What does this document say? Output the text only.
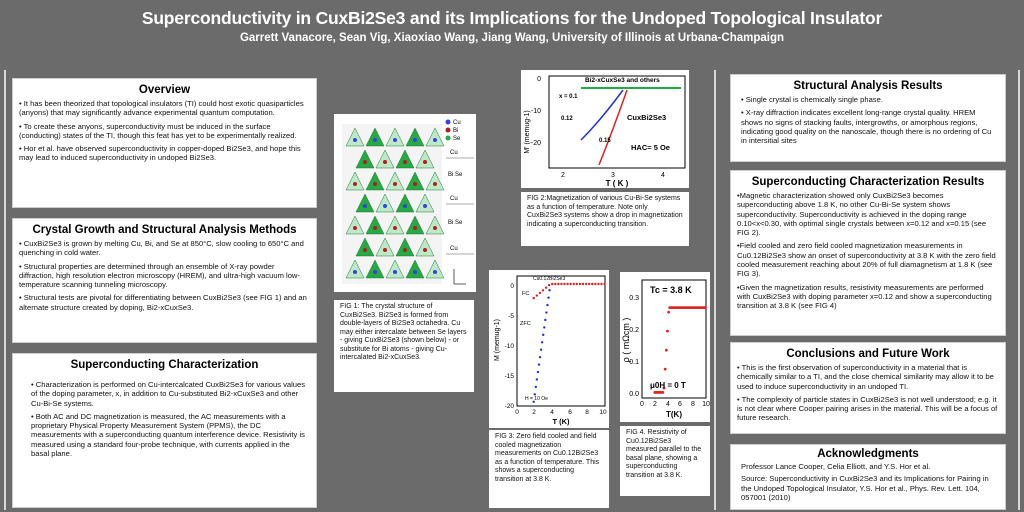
Superconductivity in CuxBi2Se3 and its Implications for the Undoped Topological Insulator
Garrett Vanacore, Sean Vig, Xiaoxiao Wang, Jiang Wang, University of Illinois at Urbana-Champaign
Overview

• It has been theorized that topological insulators (TI) could host exotic quasiparticles (anyons) that may significantly advance experimental quantum computation.

• To create these anyons, superconductivity must be induced in the surface (conducting) states of the TI, though this feat has yet to be experimentally realized.

• Hor et al. have observed superconductivity in copper-doped Bi2Se3, and hope this may lead to induced superconductivity in undoped Bi2Se3.

Crystal Growth and Structural Analysis Methods

• CuxBi2Se3 is grown by melting Cu, Bi, and Se at 850°C, slow cooling to 650°C and quenching in cold water.

• Structural properties are determined through an ensemble of X-ray powder diffraction, high resolution electron microscopy (HREM), and ultra-high vacuum low-temperature scanning tunneling microscopy.

• Structural tests are pivotal for differentiating between CuxBi2Se3 (see FIG 1) and an alternate structure created by doping, Bi2-xCuxSe3.

Superconducting Characterization

• Characterization is performed on Cu-intercalcated CuxBi2Se3 for various values of the doping parameter, x, in addition to Cu-substituted Bi2-xCuxSe3 and other Cu-Bi-Se systems.

• Both AC and DC magnetization is measured, the AC measurements with a proprietary Physical Property Measurement System (PPMS), the DC measurements with a superconducting quantum interference device. Resistivity is measured using a standard four-probe technique, with currents applied in the basal plane.

Cu
Bi
Se
Cu
Bi Se
Cu
Bi Se
Cu
FIG 1: The crystal structure of CuxBi2Se3. Bi2Se3 is formed from double-layers of Bi2Se3 octahedra. Cu may either intercalate between Se layers - giving CuxBi2Se3 (shown below) - or substitute for Bi atoms - giving Cu-intercalated Bi2-xCuxSe3.
M' (memug-1)
0
-10
-20
2	3	4
T ( K )
Bi2-xCuxSe3 and others
x = 0.1
0.12
0.15
CuxBi2Se3
HAC= 5 Oe
FIG 2:Magnetization of various Cu-Bi-Se systems as a function of temperature. Note only CuxBi2Se3 systems show a drop in magnetization indicating a superconducting transition.
M (memug-1)
0
-5
-10
-15
-20
0 2 4 6 8 10
T (K)
Cu0.12Bi2Se3
FC
ZFC
H = 10 Oe
FIG 3: Zero field cooled and field cooled magnetization measurements on Cu0.12Bi2Se3 as a function of temperature. This shows a superconducting transition at 3.8 K.
ρ ( mΩcm )
0.3
0.2
0.1
0.0
0 2 4 6 8 10
T(K)
Tc = 3.8 K
μ0H = 0 T
FIG 4. Resistivity of Cu0.12Bi2Se3 measured parallel to the basal plane, showing a superconducting transition at 3.8 K.
Structural Analysis Results

• Single crystal is chemically single phase.

• X-ray diffraction indicates excellent long-range crystal quality. HREM shows no signs of stacking faults, intergrowths, or amorphous regions, indicating good quality on the nanoscale, though there is no ordering of Cu in intersitial sites

Superconducting Characterization Results

•Magnetic characterization showed only CuxBi2Se3 becomes superconducting above 1.8 K, no other Cu-Bi-Se system shows superconductivity. Superconductivity is achieved in the doping range 0.10<x<0.30, with optimal single crystals between x=0.12 and x=0.15 (see FIG 2).

•Field cooled and zero field cooled magnetization measurements in Cu0.12Bi2Se3 show an onset of superconductivity at 3.8 K with the zero field cooled measurement reaching about 20% of full diamagnetism at 1.8 K (see FIG 3).

•Given the magnetization results, resistivity measurements are performed with CuxBi2Se3 with doping parameter x=0.12 and show a superconducting transition at 3.8 K (see FIG 4)

Conclusions and Future Work

• This is the first observation of superconductivity in a material that is chemically similar to a TI, and the close chemical similarity may allow it to be used to induce superconductivity in an undoped TI.

• The complexity of particle states in CuxBi2Se3 is not well understood; e.g. it is not clear where Cooper pairing arises in the material. This will be a focus of future research.

Acknowledgments

Professor Lance Cooper, Celia Elliott, and Y.S. Hor et al.

Source: Superconductivity in CuxBi2Se3 and its Implications for Pairing in the Undoped Topological Insulator, Y.S. Hor et al., Phys. Rev. Lett. 104, 057001 (2010)
